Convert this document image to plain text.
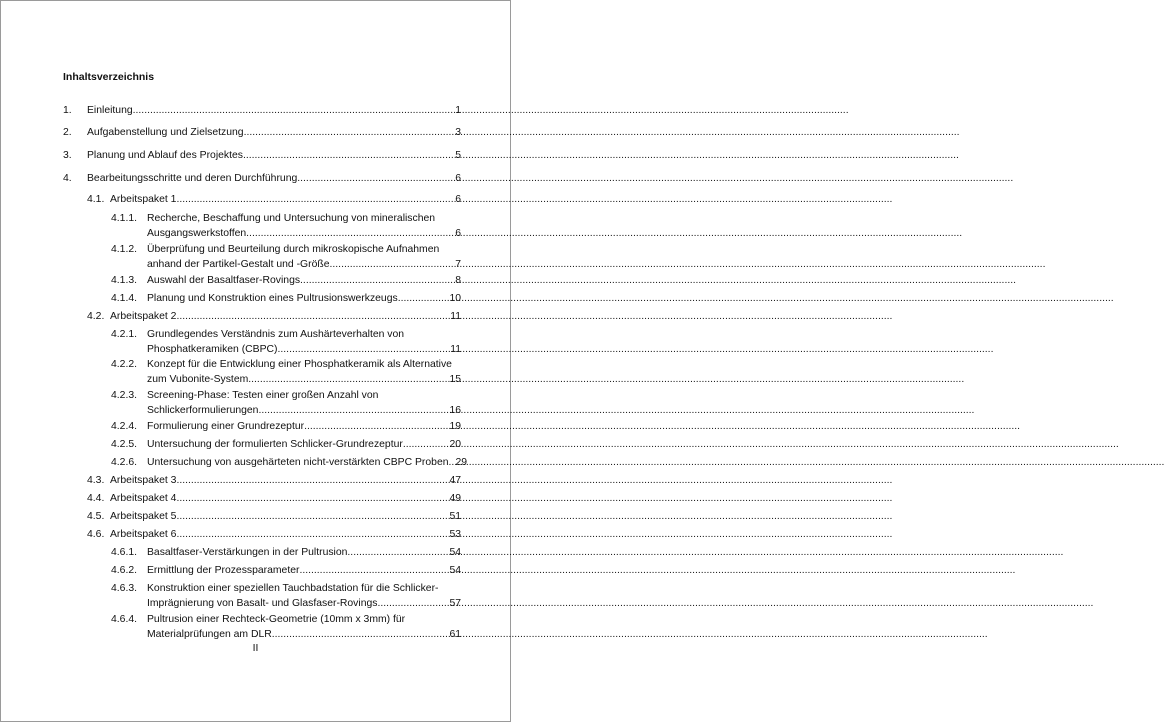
Inhaltsverzeichnis
1. Einleitung .....	1
2. Aufgabenstellung und Zielsetzung .....	3
3. Planung und Ablauf des Projektes .....	5
4. Bearbeitungsschritte und deren Durchführung .....	6
4.1. Arbeitspaket 1 .....	6
4.1.1. Recherche, Beschaffung und Untersuchung von mineralischen
Ausgangswerkstoffen .....	6
4.1.2. Überprüfung und Beurteilung durch mikroskopische Aufnahmen
anhand der Partikel-Gestalt und -Größe .....	7
4.1.3. Auswahl der Basaltfaser-Rovings .....	8
4.1.4. Planung und Konstruktion eines Pultrusionswerkzeugs .....	10
4.2. Arbeitspaket 2 .....	11
4.2.1. Grundlegendes Verständnis zum Aushärteverhalten von
Phosphatkeramiken (CBPC) .....	11
4.2.2. Konzept für die Entwicklung einer Phosphatkeramik als Alternative
zum Vubonite-System .....	15
4.2.3. Screening-Phase: Testen einer großen Anzahl von
Schlickerformulierungen .....	16
4.2.4. Formulierung einer Grundrezeptur .....	19
4.2.5. Untersuchung der formulierten Schlicker-Grundrezeptur .....	20
4.2.6. Untersuchung von ausgehärteten nicht-verstärkten CBPC Proben ..... 29
4.3. Arbeitspaket 3 .....	47
4.4. Arbeitspaket 4 .....	49
4.5. Arbeitspaket 5 .....	51
4.6. Arbeitspaket 6 .....	53
4.6.1. Basaltfaser-Verstärkungen in der Pultrusion .....	54
4.6.2. Ermittlung der Prozessparameter .....	54
4.6.3. Konstruktion einer speziellen Tauchbadstation für die Schlicker-
Imprägnierung von Basalt- und Glasfaser-Rovings .....	57
4.6.4. Pultrusion einer Rechteck-Geometrie (10mm x 3mm) für
Materialprüfungen am DLR .....	61
II
